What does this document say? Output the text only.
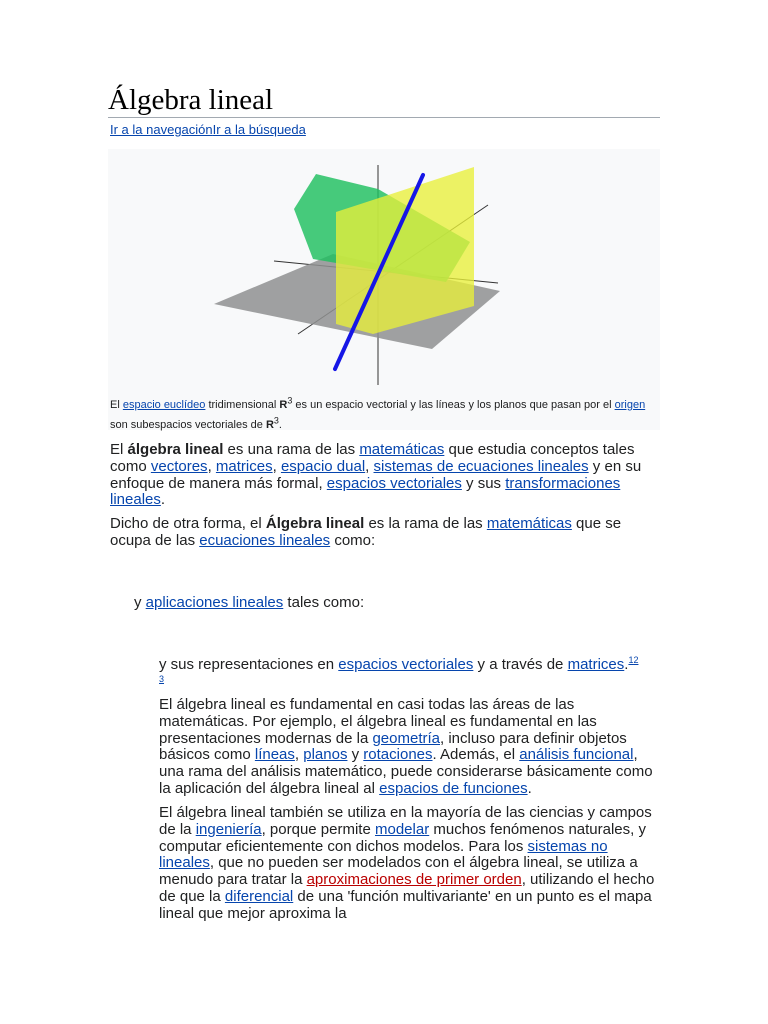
Álgebra lineal
Ir a la navegaciónIr a la búsqueda
El espacio euclídeo tridimensional $R^3$ es un espacio vectorial y las líneas y los planos que pasan por el origen son subespacios vectoriales de $R^3$.

El álgebra lineal es una rama de las matemáticas que estudia conceptos tales como vectores, matrices, espacio dual, sistemas de ecuaciones lineales y en su enfoque de manera más formal, espacios vectoriales y sus transformaciones lineales.

Dicho de otra forma, el Álgebra lineal es la rama de las matemáticas que se ocupa de las ecuaciones lineales como:

y aplicaciones lineales tales como:

y sus representaciones en espacios vectoriales y a través de matrices.$^{12}$

3

El álgebra lineal es fundamental en casi todas las áreas de las matemáticas. Por ejemplo, el álgebra lineal es fundamental en las presentaciones modernas de la geometría, incluso para definir objetos básicos como líneas, planos y rotaciones. Además, el análisis funcional, una rama del análisis matemático, puede considerarse básicamente como la aplicación del álgebra lineal al espacios de funciones.

El álgebra lineal también se utiliza en la mayoría de las ciencias y campos de la ingeniería, porque permite modelar muchos fenómenos naturales, y computar eficientemente con dichos modelos. Para los sistemas no lineales, que no pueden ser modelados con el álgebra lineal, se utiliza a menudo para tratar la aproximaciones de primer orden, utilizando el hecho de que la diferencial de una 'función multivariante' en un punto es el mapa lineal que mejor aproxima la
